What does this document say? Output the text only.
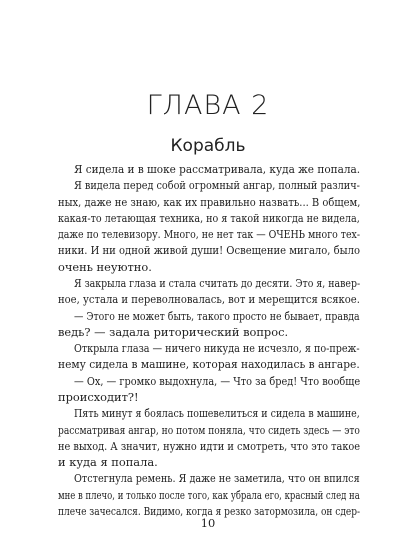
ГЛАВА 2
Корабль
Я сидела и в шоке рассматривала, куда же попала.
Я видела перед собой огромный ангар, полный различ-
ных, даже не знаю, как их правильно назвать... В общем,
какая-то летающая техника, но я такой никогда не видела,
даже по телевизору. Много, не нет так — ОЧЕНЬ много тех-
ники. И ни одной живой души! Освещение мигало, было
очень неуютно.
Я закрыла глаза и стала считать до десяти. Это я, навер-
ное, устала и переволновалась, вот и мерещится всякое.
— Этого не может быть, такого просто не бывает, правда
ведь? — задала риторический вопрос.
Открыла глаза — ничего никуда не исчезло, я по-преж-
нему сидела в машине, которая находилась в ангаре.
— Ох, — громко выдохнула, — Что за бред! Что вообще
происходит?!
Пять минут я боялась пошевелиться и сидела в машине,
рассматривая ангар, но потом поняла, что сидеть здесь — это
не выход. А значит, нужно идти и смотреть, что это такое
и куда я попала.
Отстегнула ремень. Я даже не заметила, что он впился
мне в плечо, и только после того, как убрала его, красный след на
плече зачесался. Видимо, когда я резко затормозила, он сдер-
10
